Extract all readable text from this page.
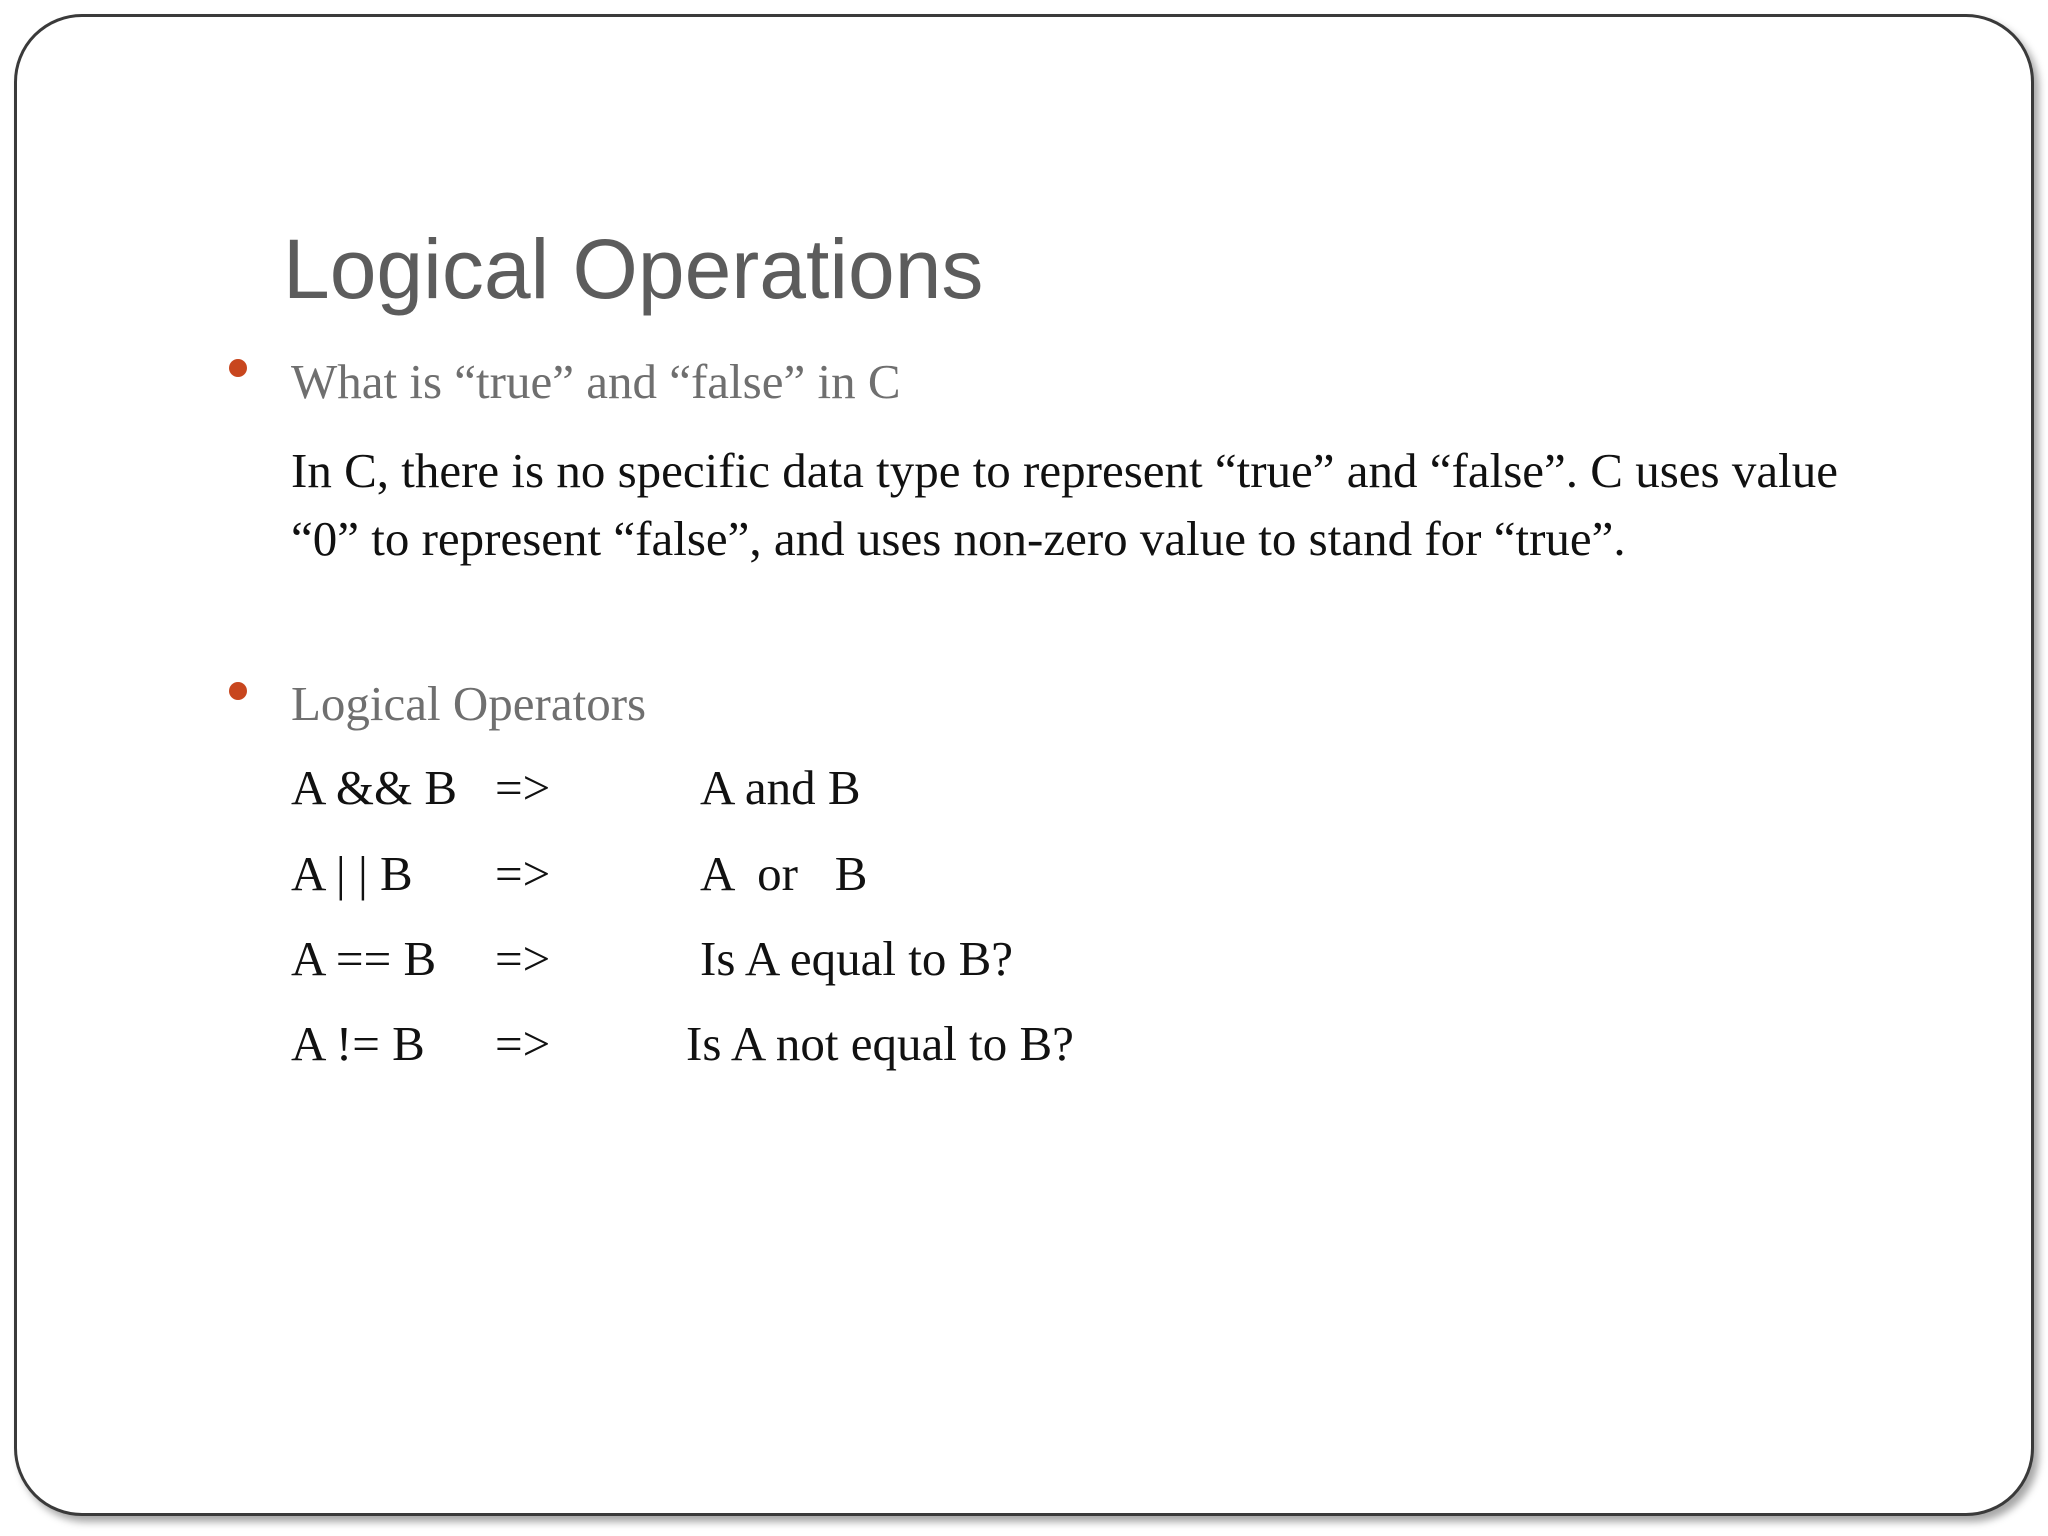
Logical Operations
What is “true” and “false” in C
In C, there is no specific data type to represent “true” and “false”. C uses value
“0” to represent “false”, and uses non-zero value to stand for “true”.
Logical Operators
A && B =>	A and B
A | | B =>	A  or   B
A == B =>	Is A equal to B?
A != B =>	Is A not equal to B?
